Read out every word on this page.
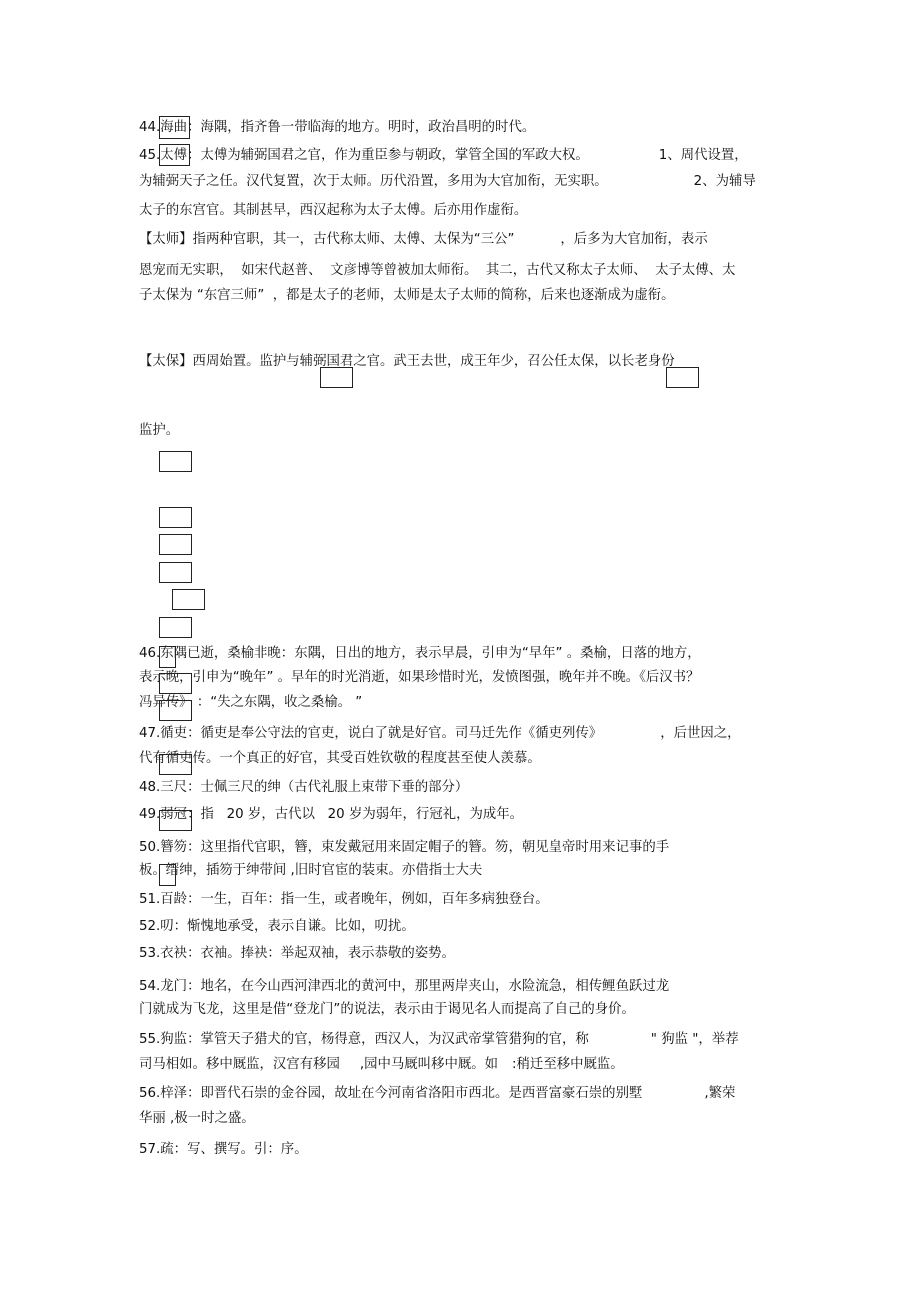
44.海曲：海隅，指齐鲁一带临海的地方。明时，政治昌明的时代。
45.太傅：太傅为辅弼国君之官，作为重臣参与朝政，掌管全国的军政大权。	1、周代设置，
为辅弼天子之任。汉代复置，次于太师。历代沿置，多用为大官加衔，无实职。	2、为辅导
太子的东宫官。其制甚早，西汉起称为太子太傅。后亦用作虚衔。
【太师】指两种官职，其一，古代称太师、太傅、太保为“三公”	，后多为大官加衔，表示
恩宠而无实职，  如宋代赵普、  文彦博等曾被加太师衔。  其二，古代又称太子太师、  太子太傅、太
子太保为 “东宫三师”  ，都是太子的老师，太师是太子太师的简称，后来也逐渐成为虚衔。
【太保】西周始置。监护与辅弼国君之官。武王去世，成王年少，召公任太保，以长老身份
监护。
46.东隅已逝，桑榆非晚：东隅，日出的地方，表示早晨，引申为“早年” 。桑榆，日落的地方，
表示晚，引申为“晚年” 。早年的时光消逝，如果珍惜时光，发愤图强，晚年并不晚。《后汉书？
冯异传》 ：“失之东隅，收之桑榆。 ”
47.循吏：循吏是奉公守法的官吏，说白了就是好官。司马迁先作《循吏列传》	，后世因之，
代有循吏传。一个真正的好官，其受百姓钦敬的程度甚至使人羡慕。
48.三尺：士佩三尺的绅（古代礼服上束带下垂的部分）
49.弱冠：指   20 岁，古代以   20 岁为弱年，行冠礼，为成年。
50.簪笏：这里指代官职，簪，束发戴冠用来固定帽子的簪。笏，朝见皇帝时用来记事的手
板。缙绅，插笏于绅带间 ,旧时官宦的装束。亦借指士大夫
51.百龄：一生，百年：指一生，或者晚年，例如，百年多病独登台。
52.叨：惭愧地承受，表示自谦。比如，叨扰。
53.衣袂：衣袖。捧袂：举起双袖，表示恭敬的姿势。
54.龙门：地名，在今山西河津西北的黄河中，那里两岸夹山，水险流急，相传鲤鱼跃过龙
门就成为飞龙，这里是借“登龙门”的说法，表示由于谒见名人而提高了自己的身价。
55.狗监：掌管天子猎犬的官，杨得意，西汉人，为汉武帝掌管猎狗的官，称	" 狗监 "，举荐
司马相如。移中厩监，汉宫有移园 ,园中马厩叫移中厩。如 :稍迁至移中厩监。
56.梓泽：即晋代石崇的金谷园，故址在今河南省洛阳市西北。是西晋富豪石崇的别墅	,繁荣
华丽 ,极一时之盛。
57.疏：写、撰写。引：序。
